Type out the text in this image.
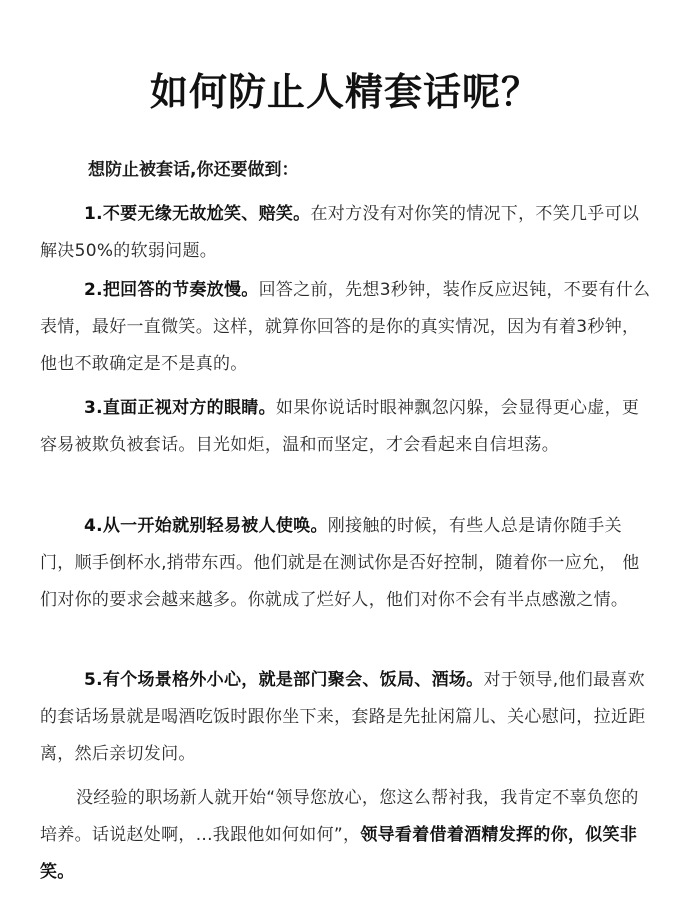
如何防止人精套话呢？
想防止被套话,你还要做到：

1.不要无缘无故尬笑、赔笑。在对方没有对你笑的情况下，不笑几乎可以解决50%的软弱问题。

2.把回答的节奏放慢。回答之前，先想3秒钟，装作反应迟钝，不要有什么表情，最好一直微笑。这样，就算你回答的是你的真实情况，因为有着3秒钟，他也不敢确定是不是真的。

3.直面正视对方的眼睛。如果你说话时眼神飘忽闪躲，会显得更心虚，更容易被欺负被套话。目光如炬，温和而坚定，才会看起来自信坦荡。

4.从一开始就别轻易被人使唤。刚接触的时候，有些人总是请你随手关门，顺手倒杯水,捎带东西。他们就是在测试你是否好控制，随着你一应允， 他们对你的要求会越来越多。你就成了烂好人，他们对你不会有半点感激之情。

5.有个场景格外小心，就是部门聚会、饭局、酒场。对于领导,他们最喜欢的套话场景就是喝酒吃饭时跟你坐下来，套路是先扯闲篇儿、关心慰问，拉近距离，然后亲切发问。

没经验的职场新人就开始“领导您放心，您这么帮衬我，我肯定不辜负您的培养。话说赵处啊，...我跟他如何如何”，领导看着借着酒精发挥的你，似笑非笑。
